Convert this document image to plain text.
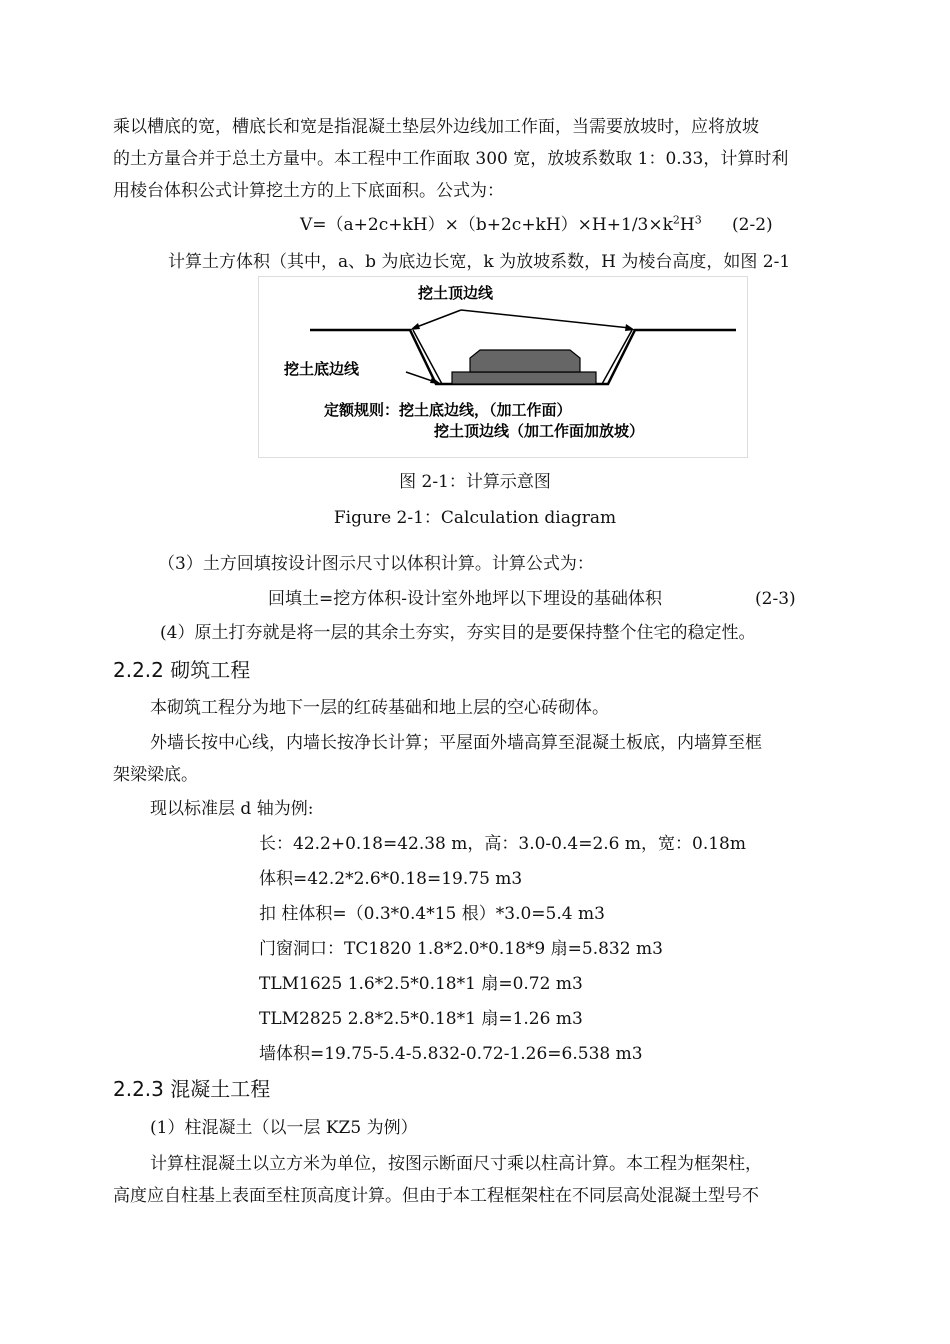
乘以槽底的宽，槽底长和宽是指混凝土垫层外边线加工作面，当需要放坡时，应将放坡
的土方量合并于总土方量中。本工程中工作面取 300 宽，放坡系数取 1：0.33，计算时利
用棱台体积公式计算挖土方的上下底面积。公式为：
$V=(a+2c+kH)\times(b+2c+kH)\times H+1/3\times k^2H^3$ (2-2)
计算土方体积（其中，a、b 为底边长宽，k 为放坡系数，H 为棱台高度，如图 2-1
挖土顶边线
挖土底边线
定额规则：挖土底边线，（加工作面）
挖土顶边线（加工作面加放坡）
图 2-1：计算示意图
Figure 2-1：Calculation diagram
（3）土方回填按设计图示尺寸以体积计算。计算公式为：
回填土=挖方体积-设计室外地坪以下埋设的基础体积	(2-3)
(4）原土打夯就是将一层的其余土夯实，夯实目的是要保持整个住宅的稳定性。
2.2.2 砌筑工程
本砌筑工程分为地下一层的红砖基础和地上层的空心砖砌体。
外墙长按中心线，内墙长按净长计算；平屋面外墙高算至混凝土板底，内墙算至框
架梁梁底。
现以标准层 d 轴为例:
长：42.2+0.18=42.38 m，高：3.0-0.4=2.6 m，宽：0.18m
体积=42.2*2.6*0.18=19.75 m3
扣 柱体积=（0.3*0.4*15 根）*3.0=5.4 m3
门窗洞口：TC1820 1.8*2.0*0.18*9 扇=5.832 m3
TLM1625 1.6*2.5*0.18*1 扇=0.72 m3
TLM2825 2.8*2.5*0.18*1 扇=1.26 m3
墙体积=19.75-5.4-5.832-0.72-1.26=6.538 m3
2.2.3 混凝土工程
(1）柱混凝土（以一层 KZ5 为例）
计算柱混凝土以立方米为单位，按图示断面尺寸乘以柱高计算。本工程为框架柱，
高度应自柱基上表面至柱顶高度计算。但由于本工程框架柱在不同层高处混凝土型号不
